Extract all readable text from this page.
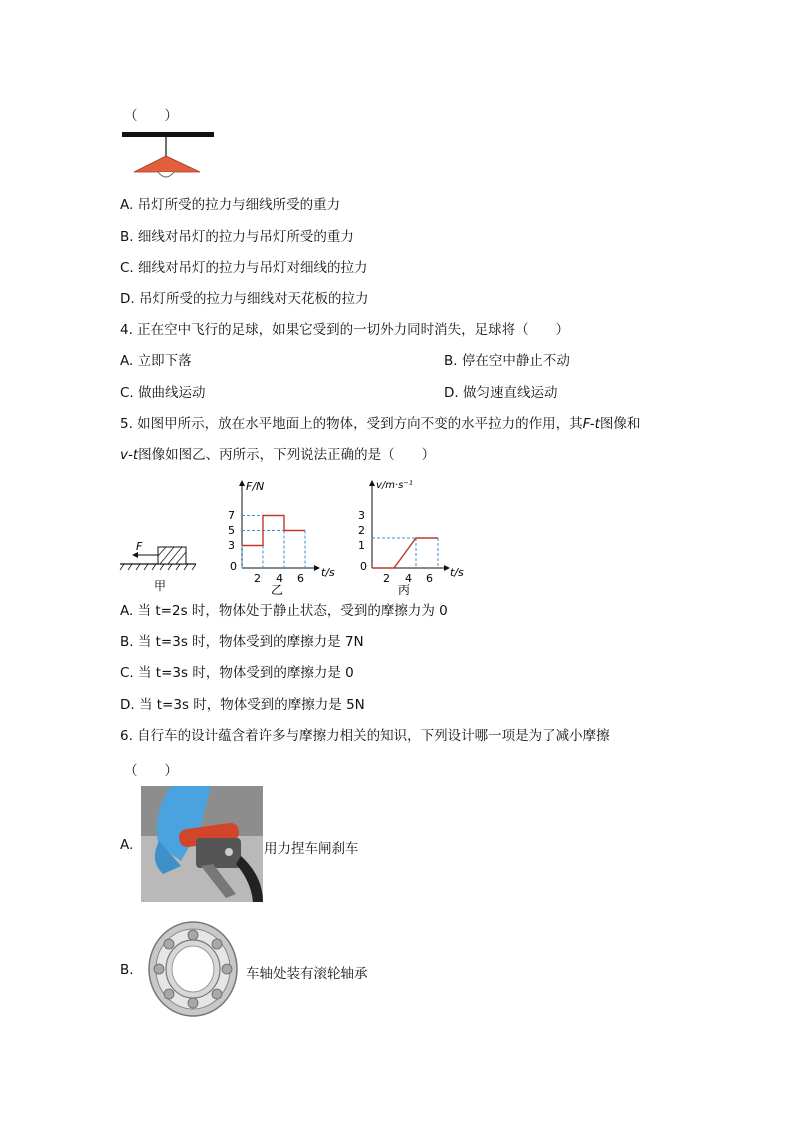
（　　）
A. 吊灯所受的拉力与细线所受的重力
B. 细线对吊灯的拉力与吊灯所受的重力
C. 细线对吊灯的拉力与吊灯对细线的拉力
D. 吊灯所受的拉力与细线对天花板的拉力
4. 正在空中飞行的足球，如果它受到的一切外力同时消失，足球将（　　）
A. 立即下落	B. 停在空中静止不动
C. 做曲线运动	D. 做匀速直线运动
5. 如图甲所示，放在水平地面上的物体，受到方向不变的水平拉力的作用，其F-t图像和
v-t图像如图乙、丙所示，下列说法正确的是（　　）
F
甲
F/N
7
5
3
0
2 4 6 t/s
乙
v/m·s⁻¹
3
2
1
0
2 4 6 t/s
丙
A. 当 t=2s 时，物体处于静止状态，受到的摩擦力为 0
B. 当 t=3s 时，物体受到的摩擦力是 7N
C. 当 t=3s 时，物体受到的摩擦力是 0
D. 当 t=3s 时，物体受到的摩擦力是 5N
6. 自行车的设计蕴含着许多与摩擦力相关的知识，下列设计哪一项是为了减小摩擦
（　　）
A.	用力捏车闸刹车
B.	车轴处装有滚轮轴承
